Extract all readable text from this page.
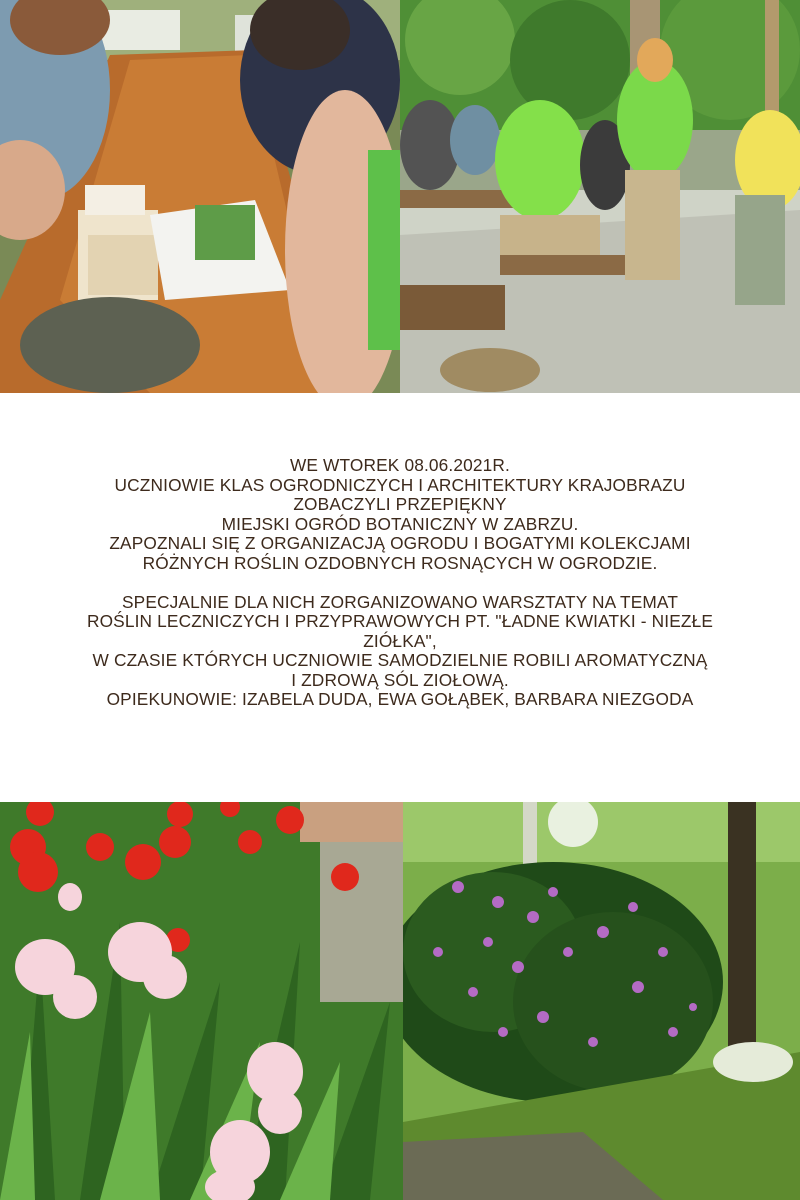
WE WTOREK 08.06.2021R.
UCZNIOWIE KLAS OGRODNICZYCH I ARCHITEKTURY KRAJOBRAZU
ZOBACZYLI PRZEPIĘKNY
MIEJSKI OGRÓD BOTANICZNY W ZABRZU.
ZAPOZNALI SIĘ Z ORGANIZACJĄ OGRODU I BOGATYMI KOLEKCJAMI
RÓŻNYCH ROŚLIN OZDOBNYCH ROSNĄCYCH W OGRODZIE.
SPECJALNIE DLA NICH ZORGANIZOWANO WARSZTATY NA TEMAT
ROŚLIN LECZNICZYCH I PRZYPRAWOWYCH PT. "ŁADNE KWIATKI - NIEZŁE
ZIÓŁKA",
W CZASIE KTÓRYCH UCZNIOWIE SAMODZIELNIE ROBILI AROMATYCZNĄ
I ZDROWĄ SÓL ZIOŁOWĄ.
OPIEKUNOWIE: IZABELA DUDA, EWA GOŁĄBEK, BARBARA NIEZGODA
